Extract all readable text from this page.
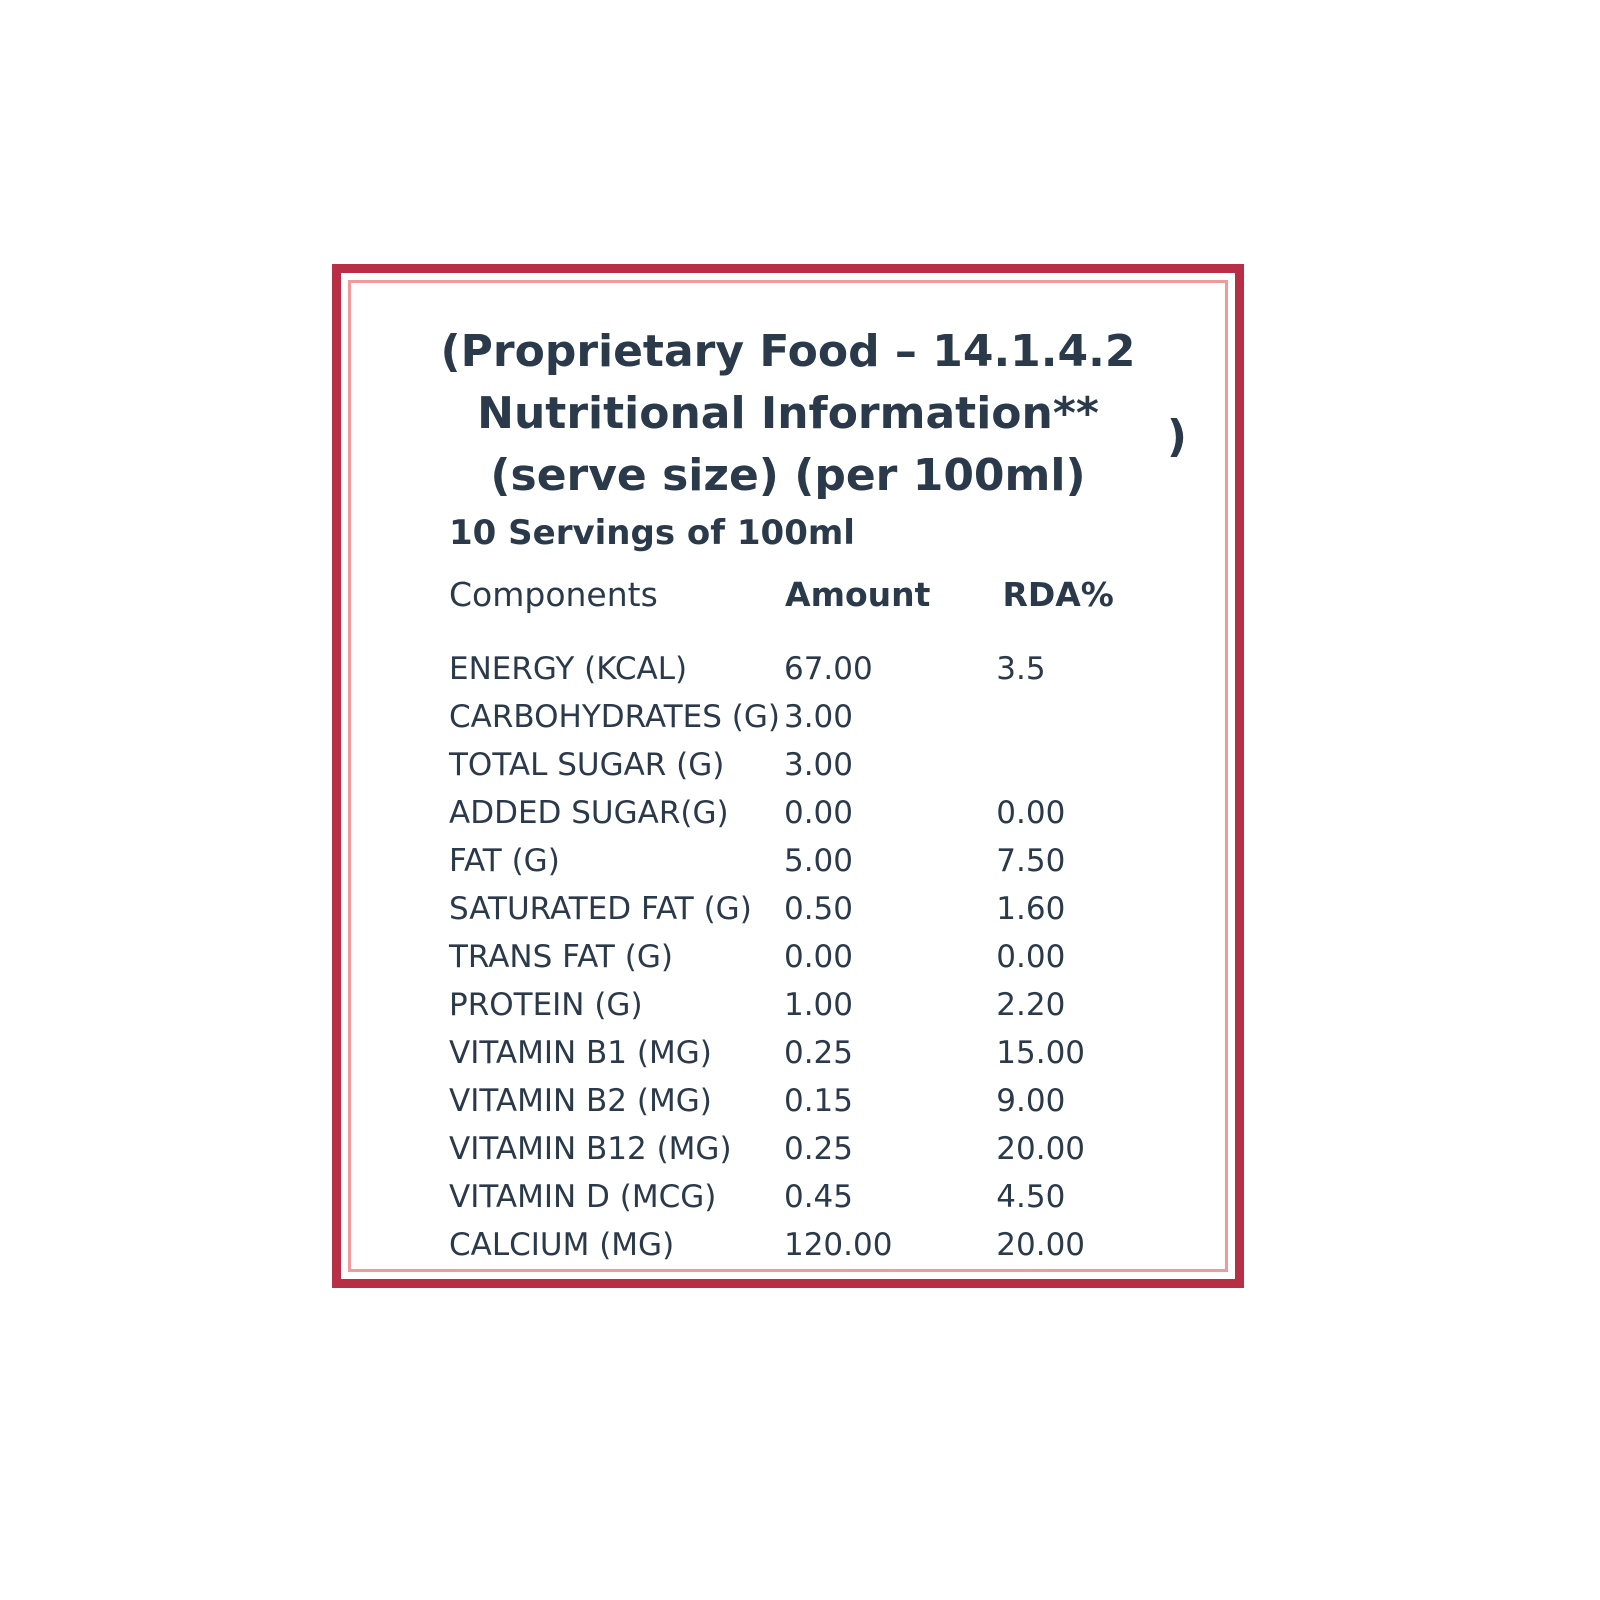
(Proprietary Food – 14.1.4.2
Nutritional Information**
(serve size) (per 100ml)
)
10 Servings of 100ml
Components	Amount	RDA%
ENERGY (KCAL)	67.00	3.5
CARBOHYDRATES (G) 3.00
TOTAL SUGAR (G)	3.00
ADDED SUGAR(G)	0.00	0.00
FAT (G)	5.00	7.50
SATURATED FAT (G)	0.50	1.60
TRANS FAT (G)	0.00	0.00
PROTEIN (G)	1.00	2.20
VITAMIN B1 (MG)	0.25	15.00
VITAMIN B2 (MG)	0.15	9.00
VITAMIN B12 (MG)	0.25	20.00
VITAMIN D (MCG)	0.45	4.50
CALCIUM (MG)	120.00	20.00
